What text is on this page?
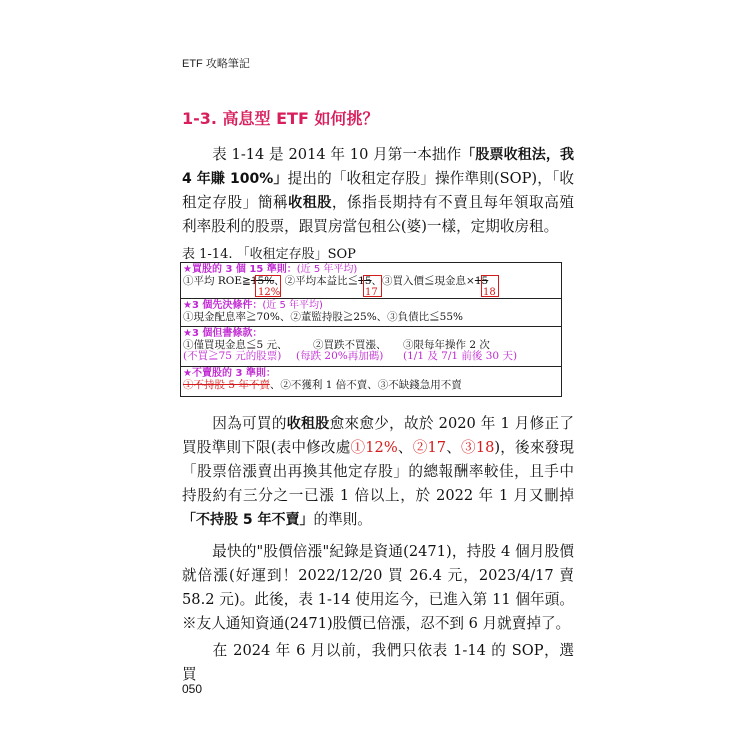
ETF 攻略筆記
1-3. 高息型 ETF 如何挑？

表 1-14 是 2014 年 10 月第一本拙作「股票收租法，我 4 年賺 100%」提出的「收租定存股」操作準則(SOP)，「收租定存股」簡稱收租股，係指長期持有不賣且每年領取高殖利率股利的股票，跟買房當包租公(婆)一樣，定期收房租。

表 1-14. 「收租定存股」SOP
★買股的 3 個 15 準則：(近 5 年平均)
①平均 ROE≧15%、②平均本益比≦15、③買入價≦現金息×15
12%	17	18
★3 個先決條件：(近 5 年平均)
①現金配息率≧70%、②董監持股≧25%、③負債比≦55%
★3 個但書條款：
①僅買現金息≦5 元、 ②買跌不買漲、 ③限每年操作 2 次
(不買≧75 元的股票) (每跌 20%再加碼) (1/1 及 7/1 前後 30 天)
★不賣股的 3 準則：
①不持股 5 年不賣、②不獲利 1 倍不賣、③不缺錢急用不賣

因為可買的收租股愈來愈少，故於 2020 年 1 月修正了買股準則下限(表中修改處①12%、②17、③18)，後來發現「股票倍漲賣出再換其他定存股」的總報酬率較佳，且手中持股約有三分之一已漲 1 倍以上，於 2022 年 1 月又刪掉「不持股 5 年不賣」的準則。

最快的"股價倍漲"紀錄是資通(2471)，持股 4 個月股價就倍漲(好運到！2022/12/20 買 26.4 元，2023/4/17 賣 58.2 元)。此後，表 1-14 使用迄今，已進入第 11 個年頭。※友人通知資通(2471)股價已倍漲，忍不到 6 月就賣掉了。

在 2024 年 6 月以前，我們只依表 1-14 的 SOP，選買

050
